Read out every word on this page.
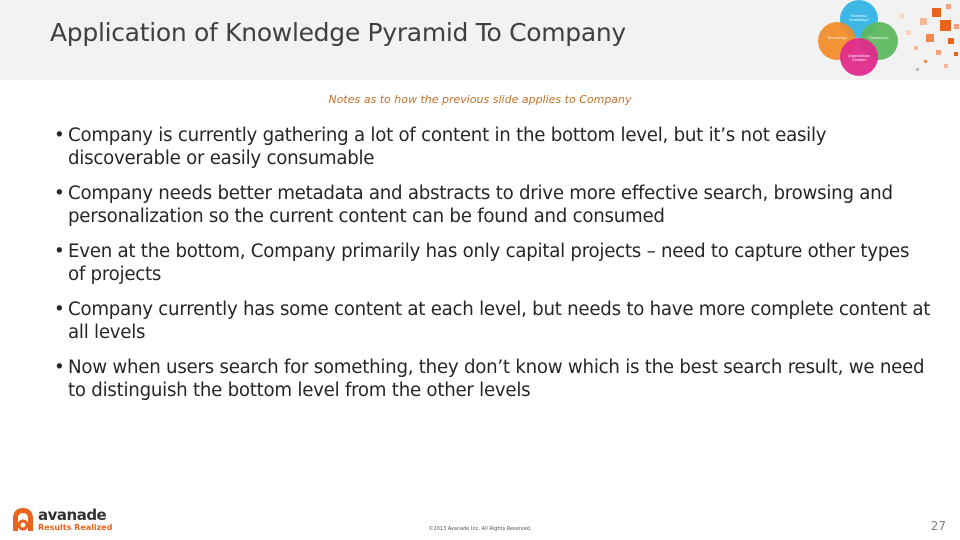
Application of Knowledge Pyramid To Company
Business Knowledge
Technology	Experience
Organization Context
Notes as to how the previous slide applies to Company
• Company is currently gathering a lot of content in the bottom level, but it’s not easily discoverable or easily consumable
• Company needs better metadata and abstracts to drive more effective search, browsing and personalization so the current content can be found and consumed
• Even at the bottom, Company primarily has only capital projects – need to capture other types of projects
• Company currently has some content at each level, but needs to have more complete content at all levels
• Now when users search for something, they don’t know which is the best search result, we need to distinguish the bottom level from the other levels
avanade
Results Realized	©2013 Avanade Inc. All Rights Reserved.	27
